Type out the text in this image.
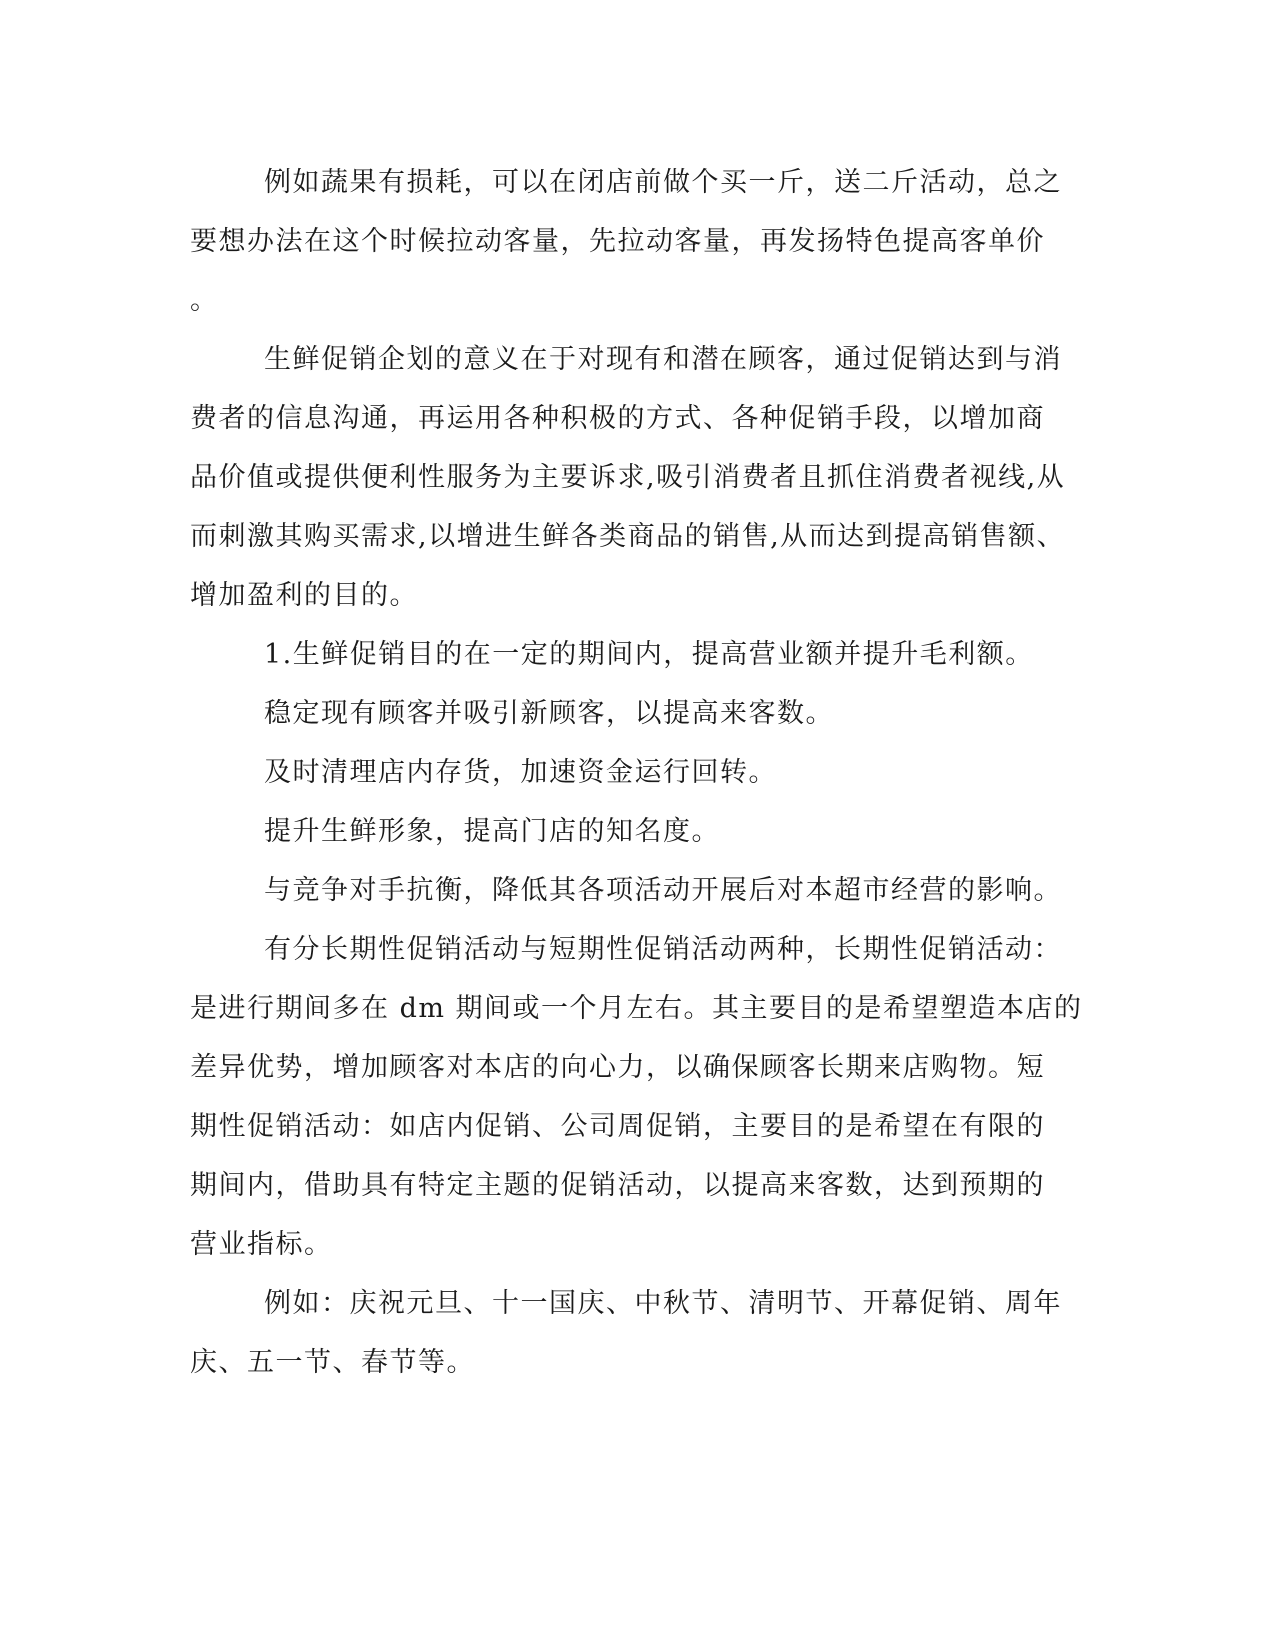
例如蔬果有损耗，可以在闭店前做个买一斤，送二斤活动，总之
要想办法在这个时候拉动客量，先拉动客量，再发扬特色提高客单价
。
生鲜促销企划的意义在于对现有和潜在顾客，通过促销达到与消
费者的信息沟通，再运用各种积极的方式、各种促销手段，以增加商
品价值或提供便利性服务为主要诉求,吸引消费者且抓住消费者视线,从
而刺激其购买需求,以增进生鲜各类商品的销售,从而达到提高销售额、
增加盈利的目的。
1.生鲜促销目的在一定的期间内，提高营业额并提升毛利额。
稳定现有顾客并吸引新顾客，以提高来客数。
及时清理店内存货，加速资金运行回转。
提升生鲜形象，提高门店的知名度。
与竞争对手抗衡，降低其各项活动开展后对本超市经营的影响。
有分长期性促销活动与短期性促销活动两种，长期性促销活动：
是进行期间多在 dm 期间或一个月左右。其主要目的是希望塑造本店的
差异优势，增加顾客对本店的向心力，以确保顾客长期来店购物。短
期性促销活动：如店内促销、公司周促销，主要目的是希望在有限的
期间内，借助具有特定主题的促销活动，以提高来客数，达到预期的
营业指标。
例如：庆祝元旦、十一国庆、中秋节、清明节、开幕促销、周年
庆、五一节、春节等。
